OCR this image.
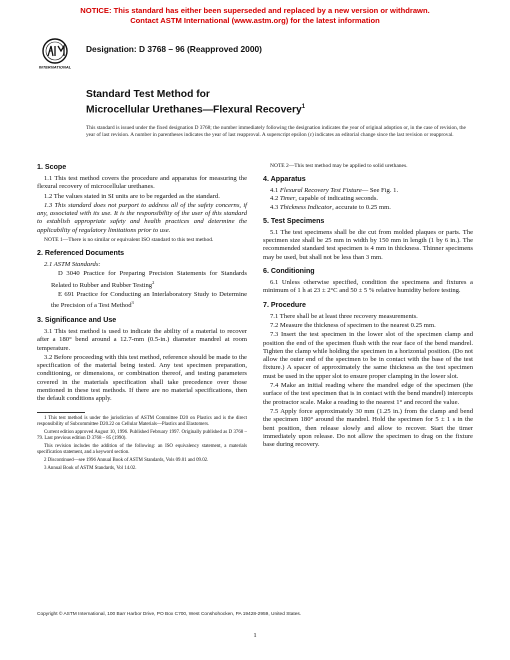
NOTICE: This standard has either been superseded and replaced by a new version or withdrawn.
Contact ASTM International (www.astm.org) for the latest information
INTERNATIONAL
Designation: D 3768 – 96 (Reapproved 2000)
Standard Test Method for
Microcellular Urethanes—Flexural Recovery$^1$
This standard is issued under the fixed designation D 3768; the number immediately following the designation indicates the year of original adoption or, in the case of revision, the year of last revision. A number in parentheses indicates the year of last reapproval. A superscript epsilon (ε) indicates an editorial change since the last revision or reapproval.
1. Scope

1.1 This test method covers the procedure and apparatus for measuring the flexural recovery of microcellular urethanes.

1.2 The values stated in SI units are to be regarded as the standard.

1.3 This standard does not purport to address all of the safety concerns, if any, associated with its use. It is the responsibility of the user of this standard to establish appropriate safety and health practices and determine the applicability of regulatory limitations prior to use.

NOTE 1—There is no similar or equivalent ISO standard to this test method.
2. Referenced Documents

2.1 ASTM Standards:

D 3040 Practice for Preparing Precision Statements for Standards Related to Rubber and Rubber Testing$^2$

E 691 Practice for Conducting an Interlaboratory Study to Determine the Precision of a Test Method$^3$

3. Significance and Use

3.1 This test method is used to indicate the ability of a material to recover after a 180° bend around a 12.7-mm (0.5-in.) diameter mandrel at room temperature.

3.2 Before proceeding with this test method, reference should be made to the specification of the material being tested. Any test specimen preparation, conditioning, or dimensions, or combination thereof, and testing parameters covered in the materials specification shall take precedence over those mentioned in these test methods. If there are no material specifications, then the default conditions apply.

1 This test method is under the jurisdiction of ASTM Committee D20 on Plastics and is the direct responsibility of Subcommittee D20.22 on Cellular Materials—Plastics and Elastomers.
Current edition approved August 10, 1996. Published February 1997. Originally published as D 3768 – 79. Last previous edition D 3768 – 85 (1990).
This revision includes the addition of the following: an ISO equivalency statement, a materials specification statement, and a keyword section.
2 Discontinued—see 1996 Annual Book of ASTM Standards, Vols 09.01 and 09.02.
3 Annual Book of ASTM Standards, Vol 14.02.
NOTE 2—This test method may be applied to solid urethanes.
4. Apparatus

4.1 Flexural Recovery Test Fixture— See Fig. 1.

4.2 Timer, capable of indicating seconds.

4.3 Thickness Indicator, accurate to 0.25 mm.

5. Test Specimens

5.1 The test specimens shall be die cut from molded plaques or parts. The specimen size shall be 25 mm in width by 150 mm in length (1 by 6 in.). The recommended standard test specimen is 4 mm in thickness. Thinner specimens may be used, but shall not be less than 3 mm.

6. Conditioning

6.1 Unless otherwise specified, condition the specimens and fixtures a minimum of 1 h at 23 ± 2°C and 50 ± 5 % relative humidity before testing.

7. Procedure

7.1 There shall be at least three recovery measurements.

7.2 Measure the thickness of specimen to the nearest 0.25 mm.

7.3 Insert the test specimen in the lower slot of the specimen clamp and position the end of the specimen flush with the rear face of the bend mandrel. Tighten the clamp while holding the specimen in a horizontal position. (Do not allow the outer end of the specimen to be in contact with the base of the test fixture.) A spacer of approximately the same thickness as the test specimen must be used in the upper slot to ensure proper clamping in the lower slot.

7.4 Make an initial reading where the mandrel edge of the specimen (the surface of the test specimen that is in contact with the bend mandrel) intercepts the protractor scale. Make a reading to the nearest 1° and record the value.

7.5 Apply force approximately 30 mm (1.25 in.) from the clamp and bend the specimen 180° around the mandrel. Hold the specimen for 5 ± 1 s in the bent position, then release slowly and allow to recover. Start the timer immediately upon release. Do not allow the specimen to drag on the fixture base during recovery.

Copyright © ASTM International, 100 Barr Harbor Drive, PO Box C700, West Conshohocken, PA 19428-2959, United States.
1
